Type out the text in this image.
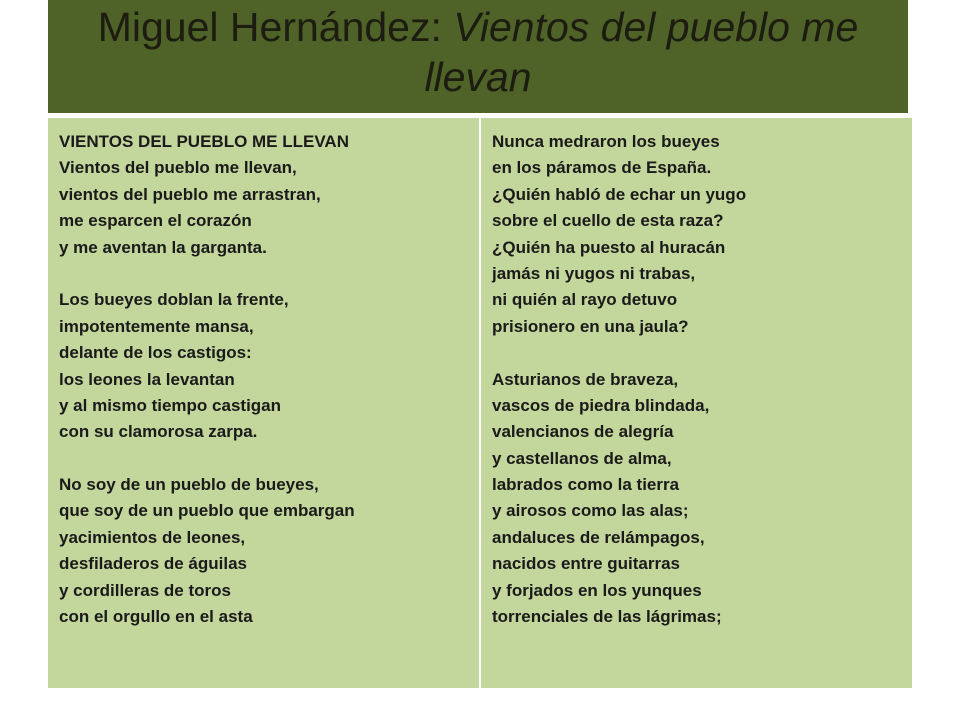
Miguel Hernández: Vientos del pueblo me llevan
VIENTOS DEL PUEBLO ME LLEVAN
Vientos del pueblo me llevan,
vientos del pueblo me arrastran,
me esparcen el corazón
y me aventan la garganta.
Los bueyes doblan la frente,
impotentemente mansa,
delante de los castigos:
los leones la levantan
y al mismo tiempo castigan
con su clamorosa zarpa.
No soy de un pueblo de bueyes,
que soy de un pueblo que embargan
yacimientos de leones,
desfiladeros de águilas
y cordilleras de toros
con el orgullo en el asta
Nunca medraron los bueyes
en los páramos de España.
¿Quién habló de echar un yugo
sobre el cuello de esta raza?
¿Quién ha puesto al huracán
jamás ni yugos ni trabas,
ni quién al rayo detuvo
prisionero en una jaula?
Asturianos de braveza,
vascos de piedra blindada,
valencianos de alegría
y castellanos de alma,
labrados como la tierra
y airosos como las alas;
andaluces de relámpagos,
nacidos entre guitarras
y forjados en los yunques
torrenciales de las lágrimas;
